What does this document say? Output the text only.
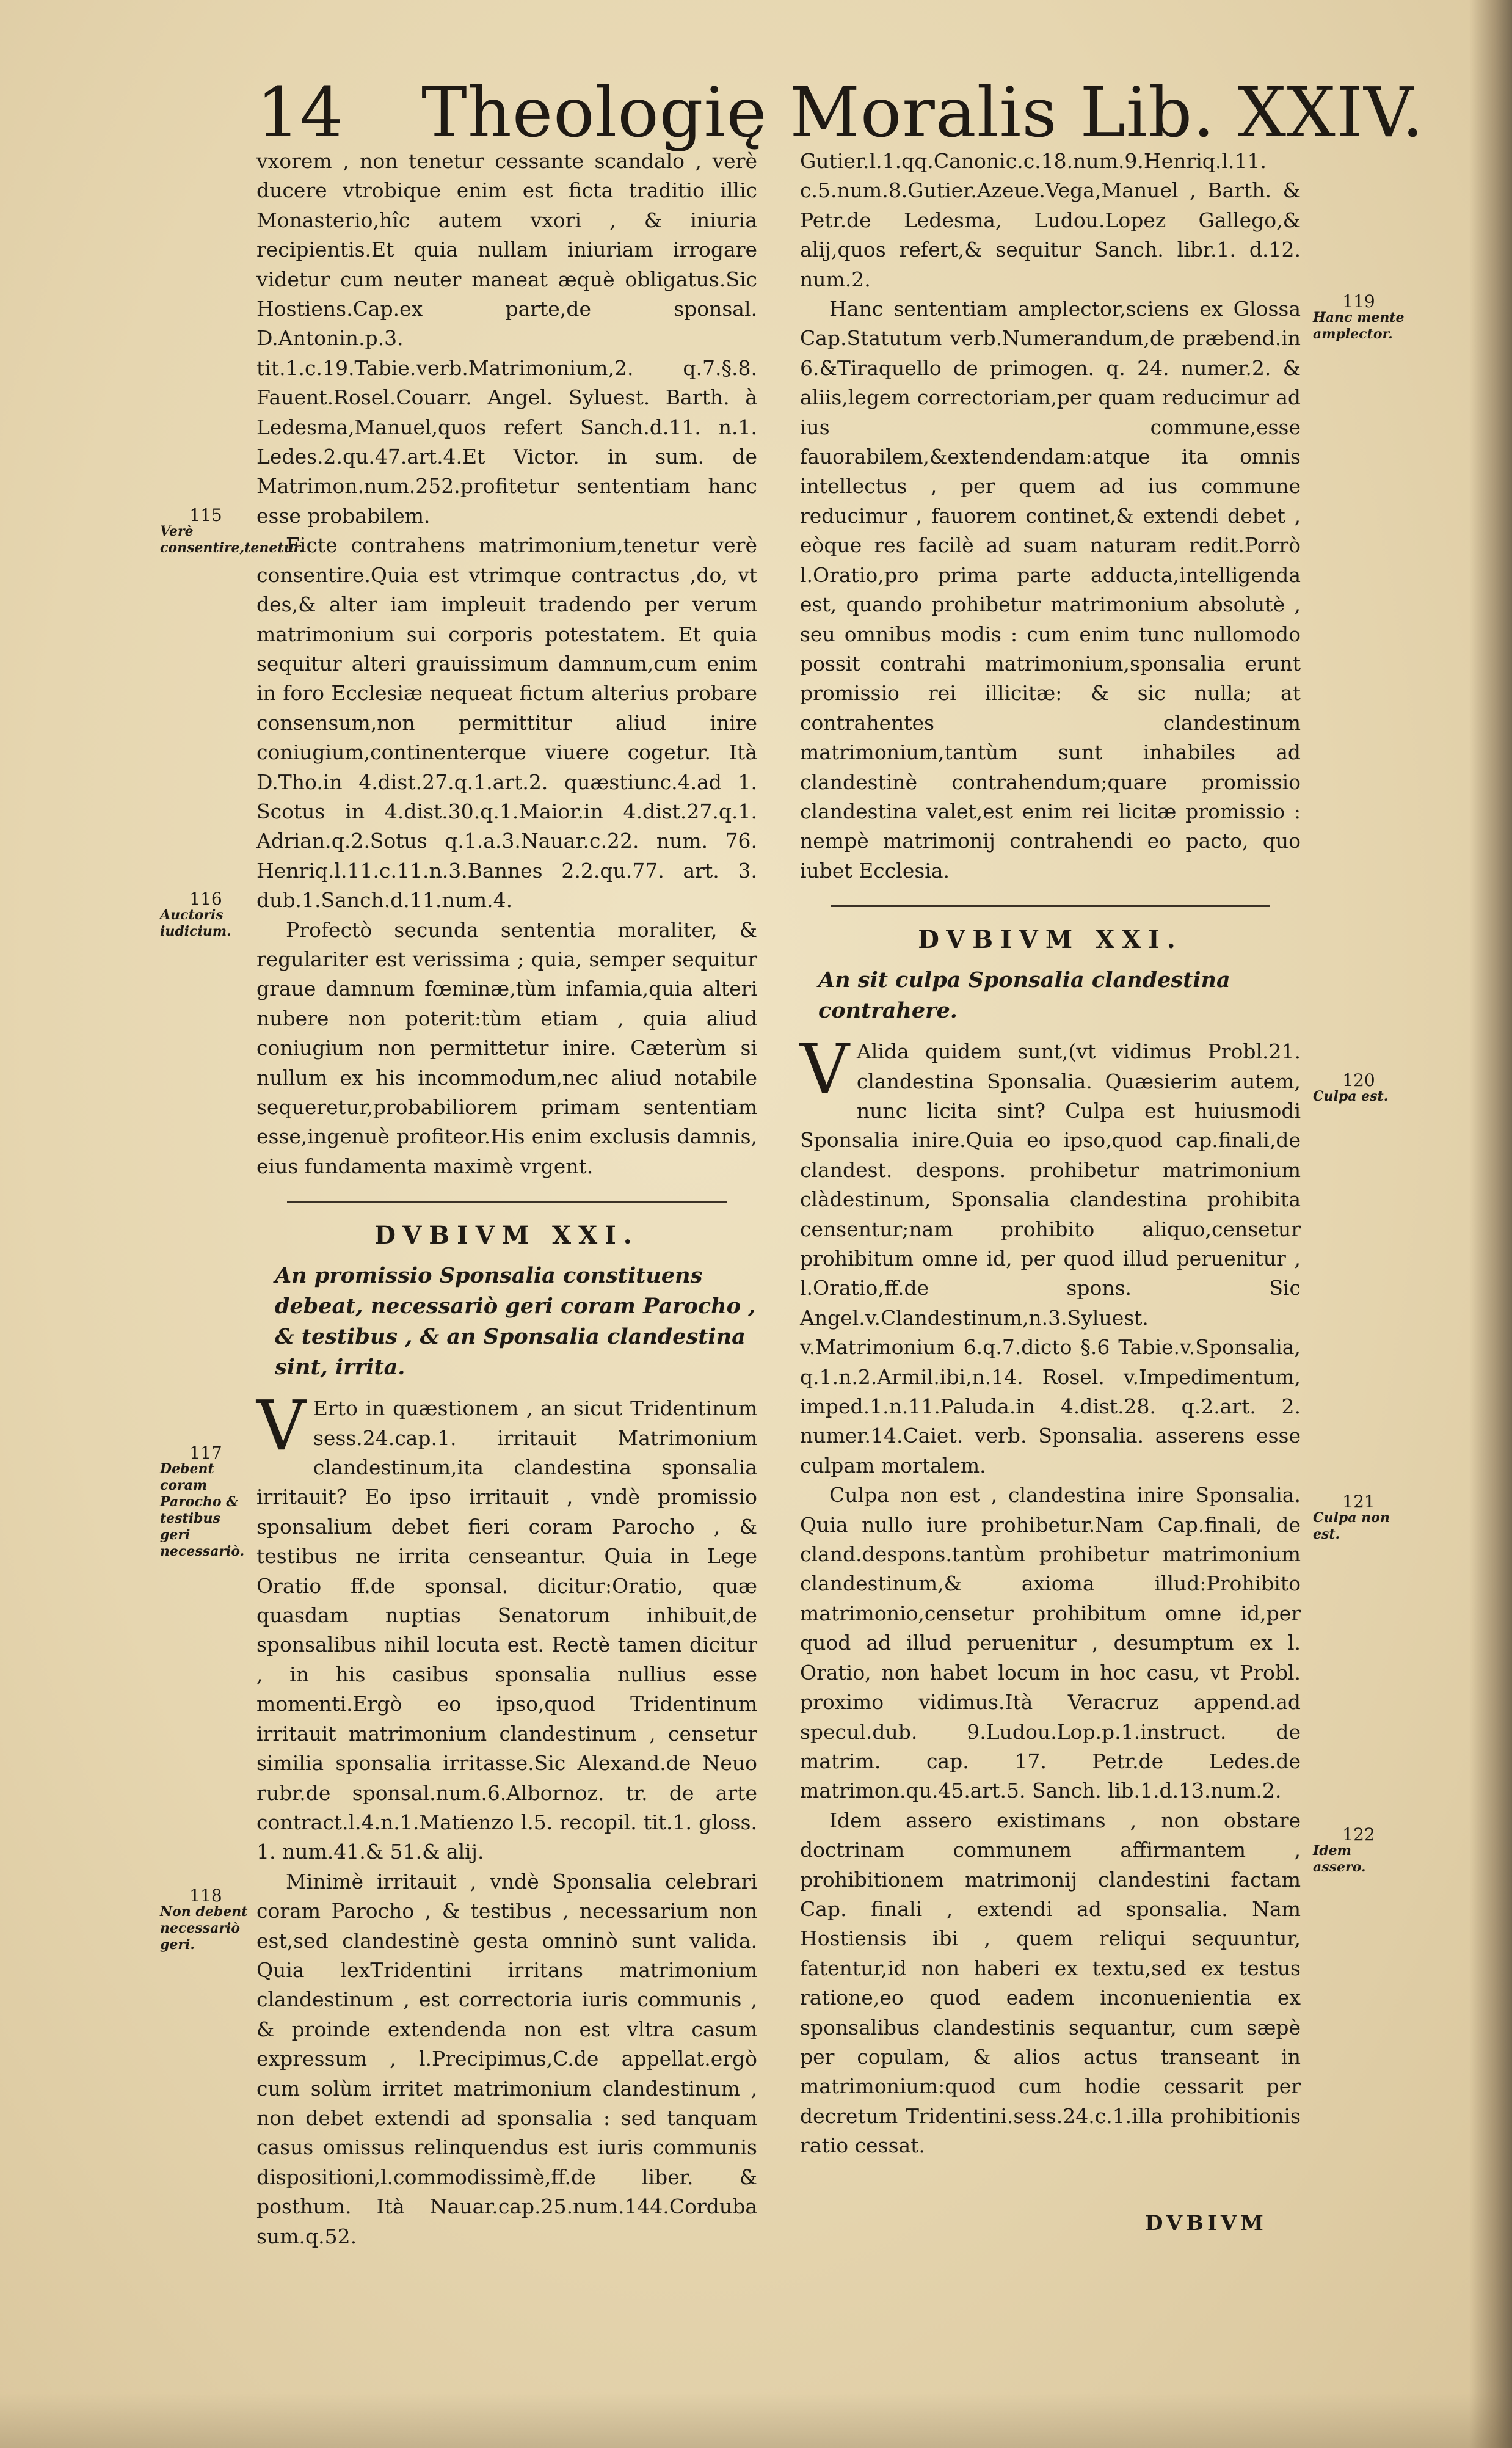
14 Theologię Moralis Lib. XXIV.

vxorem , non tenetur cessante scandalo , verè ducere vtrobique enim est ficta traditio illic Monasterio,hîc autem vxori , & iniuria recipientis.Et quia nullam iniuriam irrogare videtur cum neuter maneat æquè obligatus.Sic Hostiens.Cap.ex parte,de sponsal. D.Antonin.p.3. tit.1.c.19.Tabie.verb.Matrimonium,2. q.7.§.8. Fauent.Rosel.Couarr. Angel. Syluest. Barth. à Ledesma,Manuel,quos refert Sanch.d.11. n.1. Ledes.2.qu.47.art.4.Et Victor. in sum. de Matrimon.num.252.profitetur sententiam hanc esse probabilem.

Ficte contrahens matrimonium,tenetur verè consentire.Quia est vtrimque contractus ,do, vt des,& alter iam impleuit tradendo per verum matrimonium sui corporis potestatem. Et quia sequitur alteri grauissimum damnum,cum enim in foro Ecclesiæ nequeat fictum alterius probare consensum,non permittitur aliud inire coniugium,continenterque viuere cogetur. Ità D.Tho.in 4.dist.27.q.1.art.2. quæstiunc.4.ad 1. Scotus in 4.dist.30.q.1.Maior.in 4.dist.27.q.1. Adrian.q.2.Sotus q.1.a.3.Nauar.c.22. num. 76. Henriq.l.11.c.11.n.3.Bannes 2.2.qu.77. art. 3. dub.1.Sanch.d.11.num.4.

Profectò secunda sententia moraliter, & regulariter est verissima ; quia, semper sequitur graue damnum fœminæ,tùm infamia,quia alteri nubere non poterit:tùm etiam , quia aliud coniugium non permittetur inire. Cæterùm si nullum ex his incommodum,nec aliud notabile sequeretur,probabiliorem primam sententiam esse,ingenuè profiteor.His enim exclusis damnis, eius fundamenta maximè vrgent.

DVBIVM XXI.

An promissio Sponsalia constituens debeat, necessariò geri coram Parocho , & testibus , & an Sponsalia clandestina sint, irrita.

V Erto in quæstionem , an sicut Tridentinum sess.24.cap.1. irritauit Matrimonium clandestinum,ita clandestina sponsalia irritauit? Eo ipso irritauit , vndè promissio sponsalium debet fieri coram Parocho , & testibus ne irrita censeantur. Quia in Lege Oratio ff.de sponsal. dicitur:Oratio, quæ quasdam nuptias Senatorum inhibuit,de sponsalibus nihil locuta est. Rectè tamen dicitur , in his casibus sponsalia nullius esse momenti.Ergò eo ipso,quod Tridentinum irritauit matrimonium clandestinum , censetur similia sponsalia irritasse.Sic Alexand.de Neuo rubr.de sponsal.num.6.Albornoz. tr. de arte contract.l.4.n.1.Matienzo l.5. recopil. tit.1. gloss. 1. num.41.& 51.& alij.

Minimè irritauit , vndè Sponsalia celebrari coram Parocho , & testibus , necessarium non est,sed clandestinè gesta omninò sunt valida. Quia lexTridentini irritans matrimonium clandestinum , est correctoria iuris communis , & proinde extendenda non est vltra casum expressum , l.Precipimus,C.de appellat.ergò cum solùm irritet matrimonium clandestinum , non debet extendi ad sponsalia : sed tanquam casus omissus relinquendus est iuris communis dispositioni,l.commodissimè,ff.de liber. & posthum. Ità Nauar.cap.25.num.144.Corduba sum.q.52.

Gutier.l.1.qq.Canonic.c.18.num.9.Henriq.l.11. c.5.num.8.Gutier.Azeue.Vega,Manuel , Barth. & Petr.de Ledesma, Ludou.Lopez Gallego,& alij,quos refert,& sequitur Sanch. libr.1. d.12. num.2.

Hanc sententiam amplector,sciens ex Glossa Cap.Statutum verb.Numerandum,de præbend.in 6.&Tiraquello de primogen. q. 24. numer.2. & aliis,legem correctoriam,per quam reducimur ad ius commune,esse fauorabilem,&extendendam:atque ita omnis intellectus , per quem ad ius commune reducimur , fauorem continet,& extendi debet , eòque res facilè ad suam naturam redit.Porrò l.Oratio,pro prima parte adducta,intelligenda est, quando prohibetur matrimonium absolutè , seu omnibus modis : cum enim tunc nullomodo possit contrahi matrimonium,sponsalia erunt promissio rei illicitæ: & sic nulla; at contrahentes clandestinum matrimonium,tantùm sunt inhabiles ad clandestinè contrahendum;quare promissio clandestina valet,est enim rei licitæ promissio : nempè matrimonij contrahendi eo pacto, quo iubet Ecclesia.

DVBIVM XXI.

An sit culpa Sponsalia clandestina contrahere.

V Alida quidem sunt,(vt vidimus Probl.21. clandestina Sponsalia. Quæsierim autem, nunc licita sint? Culpa est huiusmodi Sponsalia inire.Quia eo ipso,quod cap.finali,de clandest. despons. prohibetur matrimonium clàdestinum, Sponsalia clandestina prohibita censentur;nam prohibito aliquo,censetur prohibitum omne id, per quod illud peruenitur , l.Oratio,ff.de spons. Sic Angel.v.Clandestinum,n.3.Syluest. v.Matrimonium 6.q.7.dicto §.6 Tabie.v.Sponsalia, q.1.n.2.Armil.ibi,n.14. Rosel. v.Impedimentum, imped.1.n.11.Paluda.in 4.dist.28. q.2.art. 2. numer.14.Caiet. verb. Sponsalia. asserens esse culpam mortalem.

Culpa non est , clandestina inire Sponsalia. Quia nullo iure prohibetur.Nam Cap.finali, de cland.despons.tantùm prohibetur matrimonium clandestinum,& axioma illud:Prohibito matrimonio,censetur prohibitum omne id,per quod ad illud peruenitur , desumptum ex l. Oratio, non habet locum in hoc casu, vt Probl. proximo vidimus.Ità Veracruz append.ad specul.dub. 9.Ludou.Lop.p.1.instruct. de matrim. cap. 17. Petr.de Ledes.de matrimon.qu.45.art.5. Sanch. lib.1.d.13.num.2.

Idem assero existimans , non obstare doctrinam communem affirmantem , prohibitionem matrimonij clandestini factam Cap. finali , extendi ad sponsalia. Nam Hostiensis ibi , quem reliqui sequuntur, fatentur,id non haberi ex textu,sed ex testus ratione,eo quod eadem inconuenientia ex sponsalibus clandestinis sequantur, cum sæpè per copulam, & alios actus transeant in matrimonium:quod cum hodie cessarit per decretum Tridentini.sess.24.c.1.illa prohibitionis ratio cessat.

115
Verè consentire,tenetur.
116
Auctoris iudicium.
117
Debent coram Parocho & testibus geri necessariò.
118
Non debent necessariò geri.
119
Hanc mente amplector.
120
Culpa est.
121
Culpa non est.
122
Idem assero.
DVBIVM
